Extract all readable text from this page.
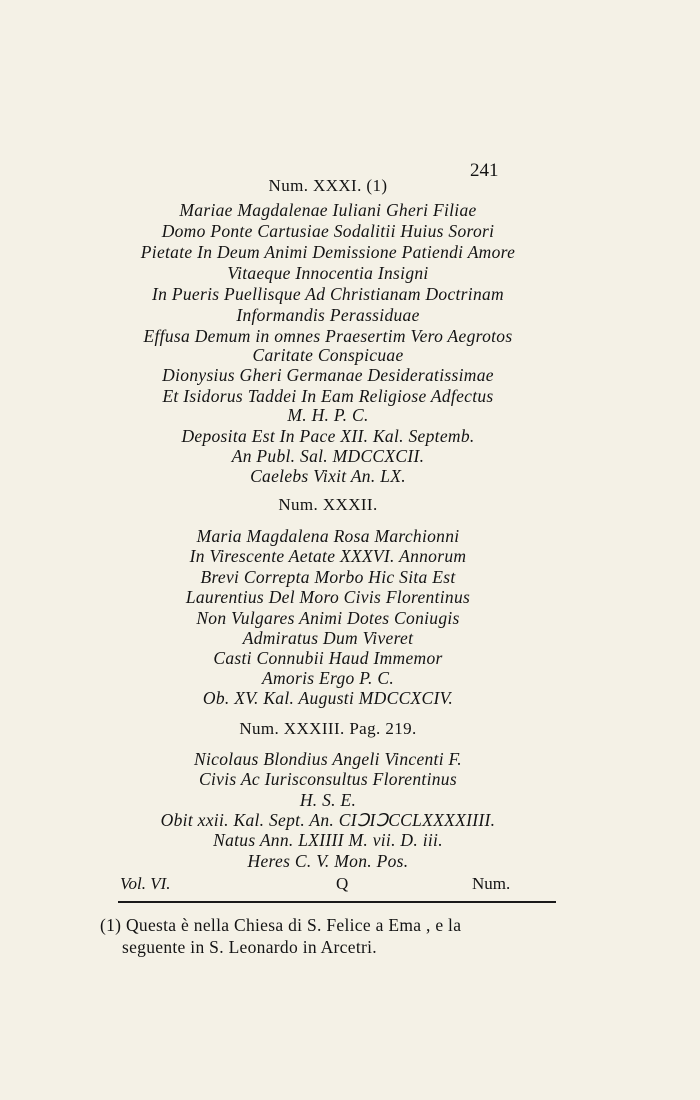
241
Num. XXXI. (1)
Mariae Magdalenae Iuliani Gheri Filiae
Domo Ponte Cartusiae Sodalitii Huius Sorori
Pietate In Deum Animi Demissione Patiendi Amore
Vitaeque Innocentia Insigni
In Pueris Puellisque Ad Christianam Doctrinam
Informandis Perassiduae
Effusa Demum in omnes Praesertim Vero Aegrotos
Caritate Conspicuae
Dionysius Gheri Germanae Desideratissimae
Et Isidorus Taddei In Eam Religiose Adfectus
M. H. P. C.
Deposita Est In Pace XII. Kal. Septemb.
An Publ. Sal. MDCCXCII.
Caelebs Vixit An. LX.
Num. XXXII.
Maria Magdalena Rosa Marchionni
In Virescente Aetate XXXVI. Annorum
Brevi Correpta Morbo Hic Sita Est
Laurentius Del Moro Civis Florentinus
Non Vulgares Animi Dotes Coniugis
Admiratus Dum Viveret
Casti Connubii Haud Immemor
Amoris Ergo P. C.
Ob. XV. Kal. Augusti MDCCXCIV.
Num. XXXIII. Pag. 219.
Nicolaus Blondius Angeli Vincenti F.
Civis Ac Iurisconsultus Florentinus
H. S. E.
Obit xxii. Kal. Sept. An. CIↃIↃCCLXXXXIIII.
Natus Ann. LXIIII M. vii. D. iii.
Heres C. V. Mon. Pos.
Vol. VI.	Q	Num.
(1) Questa è nella Chiesa di S. Felice a Ema , e la
seguente in S. Leonardo in Arcetri.
